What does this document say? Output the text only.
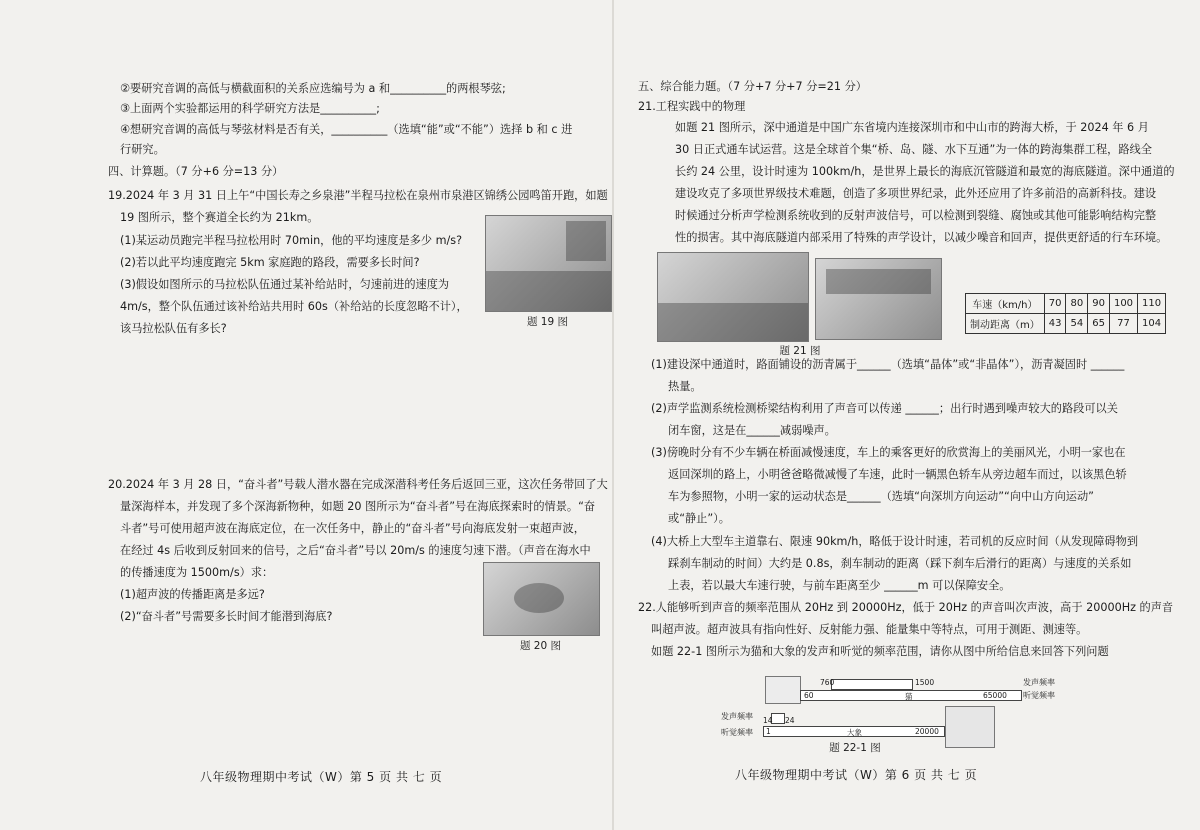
②要研究音调的高低与横截面积的关系应选编号为 a 和__________的两根琴弦;
③上面两个实验都运用的科学研究方法是__________;
④想研究音调的高低与琴弦材料是否有关，__________（选填“能”或“不能”）选择 b 和 c 进
行研究。
四、计算题。（7 分+6 分=13 分）
19.2024 年 3 月 31 日上午“中国长寿之乡泉港”半程马拉松在泉州市泉港区锦绣公园鸣笛开跑，如题
19 图所示，整个赛道全长约为 21km。
(1)某运动员跑完半程马拉松用时 70min，他的平均速度是多少 m/s?
(2)若以此平均速度跑完 5km 家庭跑的路段，需要多长时间?
(3)假设如图所示的马拉松队伍通过某补给站时，匀速前进的速度为
4m/s，整个队伍通过该补给站共用时 60s（补给站的长度忽略不计），
该马拉松队伍有多长?	题 19 图
20.2024 年 3 月 28 日，“奋斗者”号载人潜水器在完成深潜科考任务后返回三亚，这次任务带回了大
量深海样本，并发现了多个深海新物种，如题 20 图所示为“奋斗者”号在海底探索时的情景。“奋
斗者”号可使用超声波在海底定位，在一次任务中，静止的“奋斗者”号向海底发射一束超声波，
在经过 4s 后收到反射回来的信号，之后“奋斗者”号以 20m/s 的速度匀速下潜。（声音在海水中
的传播速度为 1500m/s）求：
(1)超声波的传播距离是多远?
(2)“奋斗者”号需要多长时间才能潜到海底?
题 20 图
八年级物理期中考试（W）第 5 页 共 七 页
五、综合能力题。（7 分+7 分+7 分=21 分）
21.工程实践中的物理
如题 21 图所示，深中通道是中国广东省境内连接深圳市和中山市的跨海大桥，于 2024 年 6 月
30 日正式通车试运营。这是全球首个集“桥、岛、隧、水下互通”为一体的跨海集群工程，路线全
长约 24 公里，设计时速为 100km/h，是世界上最长的海底沉管隧道和最宽的海底隧道。深中通道的
建设攻克了多项世界级技术难题，创造了多项世界纪录，此外还应用了许多前沿的高新科技。建设
时候通过分析声学检测系统收到的反射声波信号，可以检测到裂缝、腐蚀或其他可能影响结构完整
性的损害。其中海底隧道内部采用了特殊的声学设计，以减少噪音和回声，提供更舒适的行车环境。
题 21 图
车速（km/h）	70	80	90	100	110
制动距离（m）	43	54	65	77	104
(1)建设深中通道时，路面铺设的沥青属于______（选填“晶体”或“非晶体”），沥青凝固时 ______
热量。
(2)声学监测系统检测桥梁结构利用了声音可以传递 ______；出行时遇到噪声较大的路段可以关
闭车窗，这是在______减弱噪声。
(3)傍晚时分有不少车辆在桥面减慢速度，车上的乘客更好的欣赏海上的美丽风光，小明一家也在
返回深圳的路上，小明爸爸略微减慢了车速，此时一辆黑色轿车从旁边超车而过，以该黑色轿
车为参照物，小明一家的运动状态是______（选填“向深圳方向运动”“向中山方向运动”
或“静止”）。
(4)大桥上大型车主道靠右、限速 90km/h，略低于设计时速，若司机的反应时间（从发现障碍物到
踩刹车制动的时间）大约是 0.8s，刹车制动的距离（踩下刹车后滑行的距离）与速度的关系如
上表，若以最大车速行驶，与前车距离至少 ______m 可以保障安全。
22.人能够听到声音的频率范围从 20Hz 到 20000Hz，低于 20Hz 的声音叫次声波，高于 20000Hz 的声音
叫超声波。超声波具有指向性好、反射能力强、能量集中等特点，可用于测距、测速等。
如题 22-1 图所示为猫和大象的发声和听觉的频率范围，请你从图中所给信息来回答下列问题
760	1500	发声频率
60	猫	65000 听觉频率
发声频率 14 24
听觉频率 1	大象	20000
题 22-1 图
八年级物理期中考试（W）第 6 页 共 七 页
